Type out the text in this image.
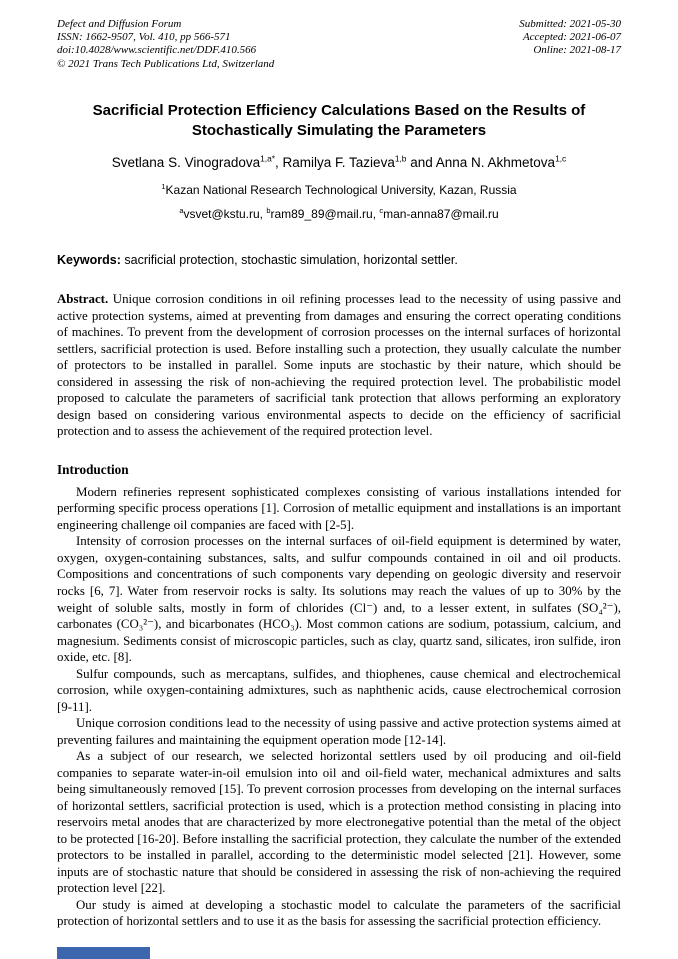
Defect and Diffusion Forum
ISSN: 1662-9507, Vol. 410, pp 566-571
doi:10.4028/www.scientific.net/DDF.410.566
© 2021 Trans Tech Publications Ltd, Switzerland
Submitted: 2021-05-30
Accepted: 2021-06-07
Online: 2021-08-17
Sacrificial Protection Efficiency Calculations Based on the Results of Stochastically Simulating the Parameters
Svetlana S. Vinogradova$^{1,a*}$, Ramilya F. Tazieva$^{1,b}$ and Anna N. Akhmetova$^{1,c}$
$^1$Kazan National Research Technological University, Kazan, Russia
$^a$vsvet@kstu.ru, $^b$ram89_89@mail.ru, $^c$man-anna87@mail.ru

Keywords: sacrificial protection, stochastic simulation, horizontal settler.

Abstract. Unique corrosion conditions in oil refining processes lead to the necessity of using passive and active protection systems, aimed at preventing from damages and ensuring the correct operating conditions of machines. To prevent from the development of corrosion processes on the internal surfaces of horizontal settlers, sacrificial protection is used. Before installing such a protection, they usually calculate the number of protectors to be installed in parallel. Some inputs are stochastic by their nature, which should be considered in assessing the risk of non-achieving the required protection level. The probabilistic model proposed to calculate the parameters of sacrificial tank protection that allows performing an exploratory design based on considering various environmental aspects to decide on the efficiency of sacrificial protection and to assess the achievement of the required protection level.

Introduction

Modern refineries represent sophisticated complexes consisting of various installations intended for performing specific process operations [1]. Corrosion of metallic equipment and installations is an important engineering challenge oil companies are faced with [2-5].

Intensity of corrosion processes on the internal surfaces of oil-field equipment is determined by water, oxygen, oxygen-containing substances, salts, and sulfur compounds contained in oil and oil products. Compositions and concentrations of such components vary depending on geologic diversity and reservoir rocks [6, 7]. Water from reservoir rocks is salty. Its solutions may reach the values of up to 30% by the weight of soluble salts, mostly in form of chlorides (Cl⁻) and, to a lesser extent, in sulfates (SO₄²⁻), carbonates (CO₃²⁻), and bicarbonates (HCO₃). Most common cations are sodium, potassium, calcium, and magnesium. Sediments consist of microscopic particles, such as clay, quartz sand, silicates, iron sulfide, iron oxide, etc. [8].

Sulfur compounds, such as mercaptans, sulfides, and thiophenes, cause chemical and electrochemical corrosion, while oxygen-containing admixtures, such as naphthenic acids, cause electrochemical corrosion [9-11].

Unique corrosion conditions lead to the necessity of using passive and active protection systems aimed at preventing failures and maintaining the equipment operation mode [12-14].

As a subject of our research, we selected horizontal settlers used by oil producing and oil-field companies to separate water-in-oil emulsion into oil and oil-field water, mechanical admixtures and salts being simultaneously removed [15]. To prevent corrosion processes from developing on the internal surfaces of horizontal settlers, sacrificial protection is used, which is a protection method consisting in placing into reservoirs metal anodes that are characterized by more electronegative potential than the metal of the object to be protected [16-20]. Before installing the sacrificial protection, they calculate the number of the extended protectors to be installed in parallel, according to the deterministic model selected [21]. However, some inputs are of stochastic nature that should be considered in assessing the risk of non-achieving the required protection level [22].

Our study is aimed at developing a stochastic model to calculate the parameters of the sacrificial protection of horizontal settlers and to use it as the basis for assessing the sacrificial protection efficiency.
